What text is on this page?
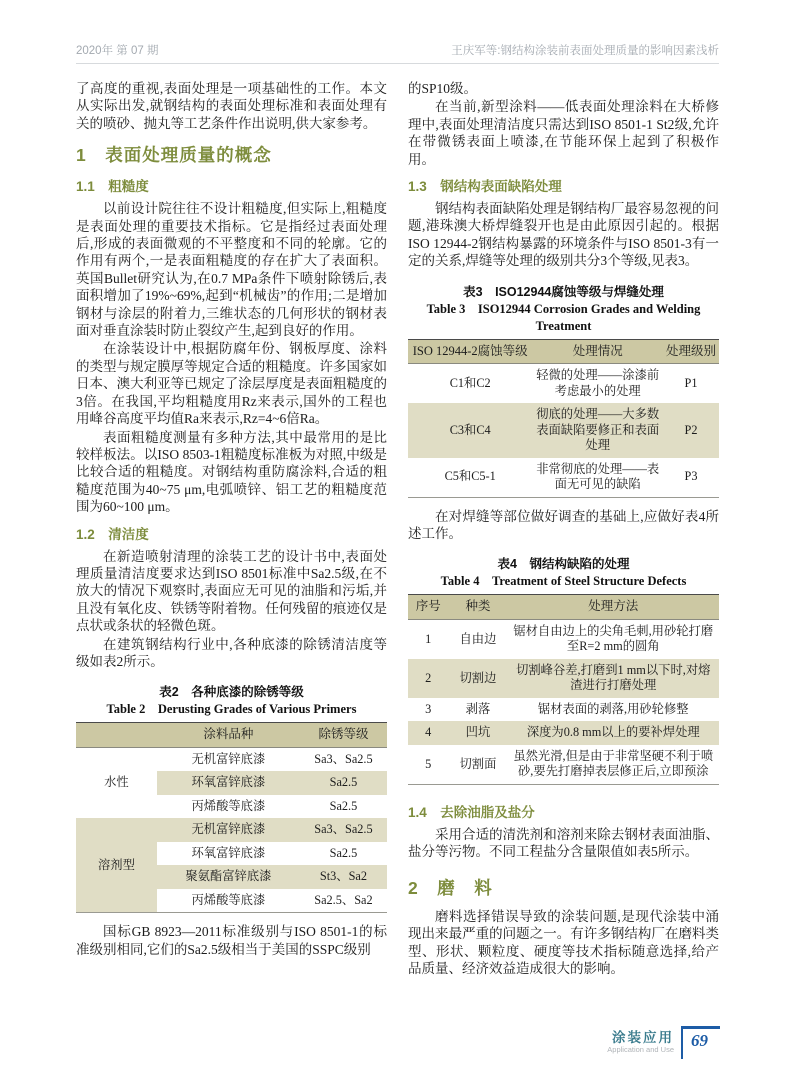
2020年 第 07 期	王庆军等:钢结构涂装前表面处理质量的影响因素浅析

了高度的重视,表面处理是一项基础性的工作。本文从实际出发,就钢结构的表面处理标准和表面处理有关的喷砂、抛丸等工艺条件作出说明,供大家参考。

1　表面处理质量的概念
1.1　粗糙度

以前设计院往往不设计粗糙度,但实际上,粗糙度是表面处理的重要技术指标。它是指经过表面处理后,形成的表面微观的不平整度和不同的轮廓。它的作用有两个,一是表面粗糙度的存在扩大了表面积。英国Bullet研究认为,在0.7 MPa条件下喷射除锈后,表面积增加了19%~69%,起到“机械齿”的作用;二是增加钢材与涂层的附着力,三维状态的几何形状的钢材表面对垂直涂装时防止裂纹产生,起到良好的作用。

在涂装设计中,根据防腐年份、钢板厚度、涂料的类型与规定膜厚等规定合适的粗糙度。许多国家如日本、澳大利亚等已规定了涂层厚度是表面粗糙度的3倍。在我国,平均粗糙度用Rz来表示,国外的工程也用峰谷高度平均值Ra来表示,Rz=4~6倍Ra。

表面粗糙度测量有多种方法,其中最常用的是比较样板法。以ISO 8503-1粗糙度标准板为对照,中级是比较合适的粗糙度。对钢结构重防腐涂料,合适的粗糙度范围为40~75 μm,电弧喷锌、铝工艺的粗糙度范围为60~100 μm。

1.2　清洁度

在新造喷射清理的涂装工艺的设计书中,表面处理质量清洁度要求达到ISO 8501标准中Sa2.5级,在不放大的情况下观察时,表面应无可见的油脂和污垢,并且没有氧化皮、铁锈等附着物。任何残留的痕迹仅是点状或条状的轻微色斑。

在建筑钢结构行业中,各种底漆的除锈清洁度等级如表2所示。

表2　各种底漆的除锈等级
Table 2　Derusting Grades of Various Primers
	涂料品种	除锈等级
水性	无机富锌底漆	Sa3、Sa2.5
	环氧富锌底漆	Sa2.5
	丙烯酸等底漆	Sa2.5
溶剂型	无机富锌底漆	Sa3、Sa2.5
	环氧富锌底漆	Sa2.5
	聚氨酯富锌底漆	St3、Sa2
	丙烯酸等底漆	Sa2.5、Sa2

国标GB 8923—2011标准级别与ISO 8501-1的标准级别相同,它们的Sa2.5级相当于美国的SSPC级别

的SP10级。

在当前,新型涂料——低表面处理涂料在大桥修理中,表面处理清洁度只需达到ISO 8501-1 St2级,允许在带微锈表面上喷漆,在节能环保上起到了积极作用。

1.3　钢结构表面缺陷处理

钢结构表面缺陷处理是钢结构厂最容易忽视的问题,港珠澳大桥焊缝裂开也是由此原因引起的。根据ISO 12944-2钢结构暴露的环境条件与ISO 8501-3有一定的关系,焊缝等处理的级别共分3个等级,见表3。

表3　ISO12944腐蚀等级与焊缝处理
Table 3　ISO12944 Corrosion Grades and Welding
Treatment
ISO 12944-2腐蚀等级	处理情况	处理级别
C1和C2	轻微的处理——涂漆前考虑最小的处理	P1
C3和C4	彻底的处理——大多数表面缺陷要修正和表面处理	P2
C5和C5-1	非常彻底的处理——表面无可见的缺陷	P3

在对焊缝等部位做好调查的基础上,应做好表4所述工作。

表4　钢结构缺陷的处理
Table 4　Treatment of Steel Structure Defects
序号	种类	处理方法
1	自由边	锯材自由边上的尖角毛刺,用砂轮打磨至R=2 mm的圆角
2	切割边	切割峰谷差,打磨到1 mm以下时,对熔渣进行打磨处理
3	剥落	锯材表面的剥落,用砂轮修整
4	凹坑	深度为0.8 mm以上的要补焊处理
5	切割面	虽然光滑,但是由于非常坚硬不利于喷砂,要先打磨掉表层修正后,立即预涂
1.4　去除油脂及盐分

采用合适的清洗剂和溶剂来除去钢材表面油脂、盐分等污物。不同工程盐分含量限值如表5所示。

2　磨　料

磨料选择错误导致的涂装问题,是现代涂装中涌现出来最严重的问题之一。有许多钢结构厂在磨料类型、形状、颗粒度、硬度等技术指标随意选择,给产品质量、经济效益造成很大的影响。

涂装应用
Application and Use	69
